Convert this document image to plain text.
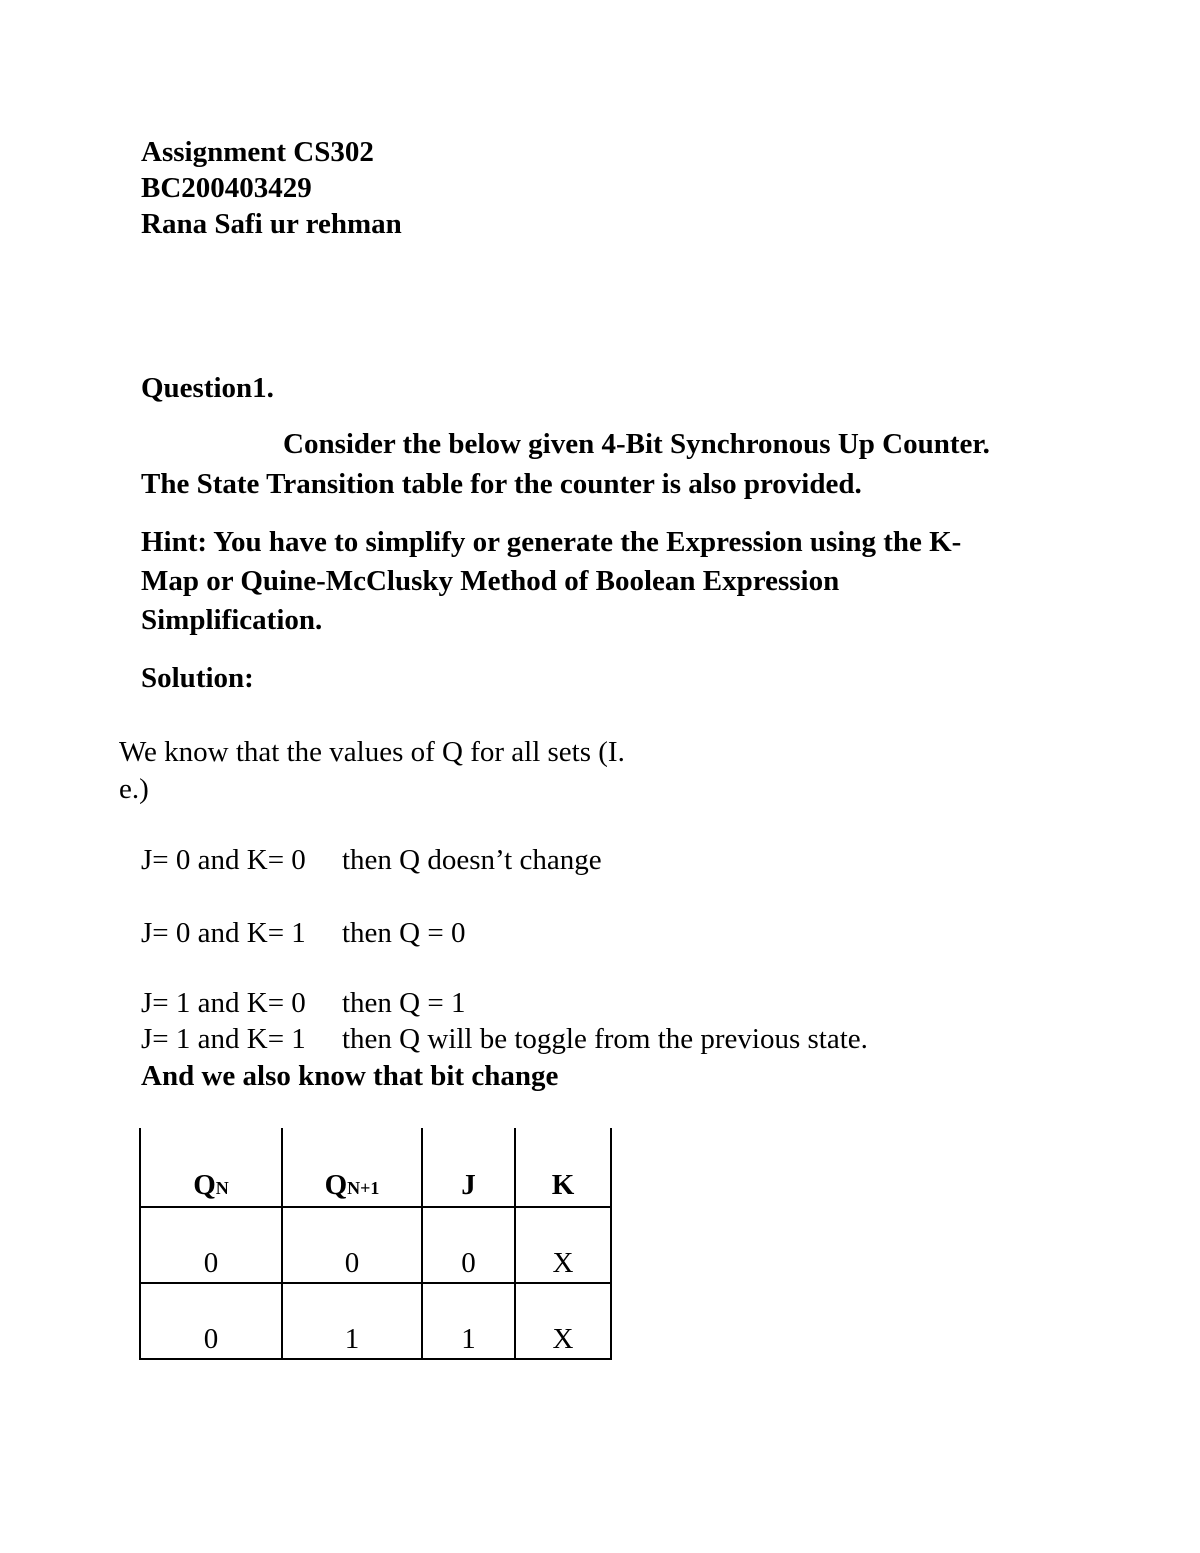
Assignment CS302
BC200403429
Rana Safi ur rehman
Question1.
Consider the below given 4-Bit Synchronous Up Counter.
The State Transition table for the counter is also provided.
Hint: You have to simplify or generate the Expression using the K-
Map or Quine-McClusky Method of Boolean Expression
Simplification.
Solution:
We know that the values of Q for all sets (I.
e.)
J= 0 and K= 0 then Q doesn’t change
J= 0 and K= 1 then Q = 0
J= 1 and K= 0 then Q = 1
J= 1 and K= 1 then Q will be toggle from the previous state.
And we also know that bit change
QN	QN+1	J	K
0	0	0	X
0	1	1	X
